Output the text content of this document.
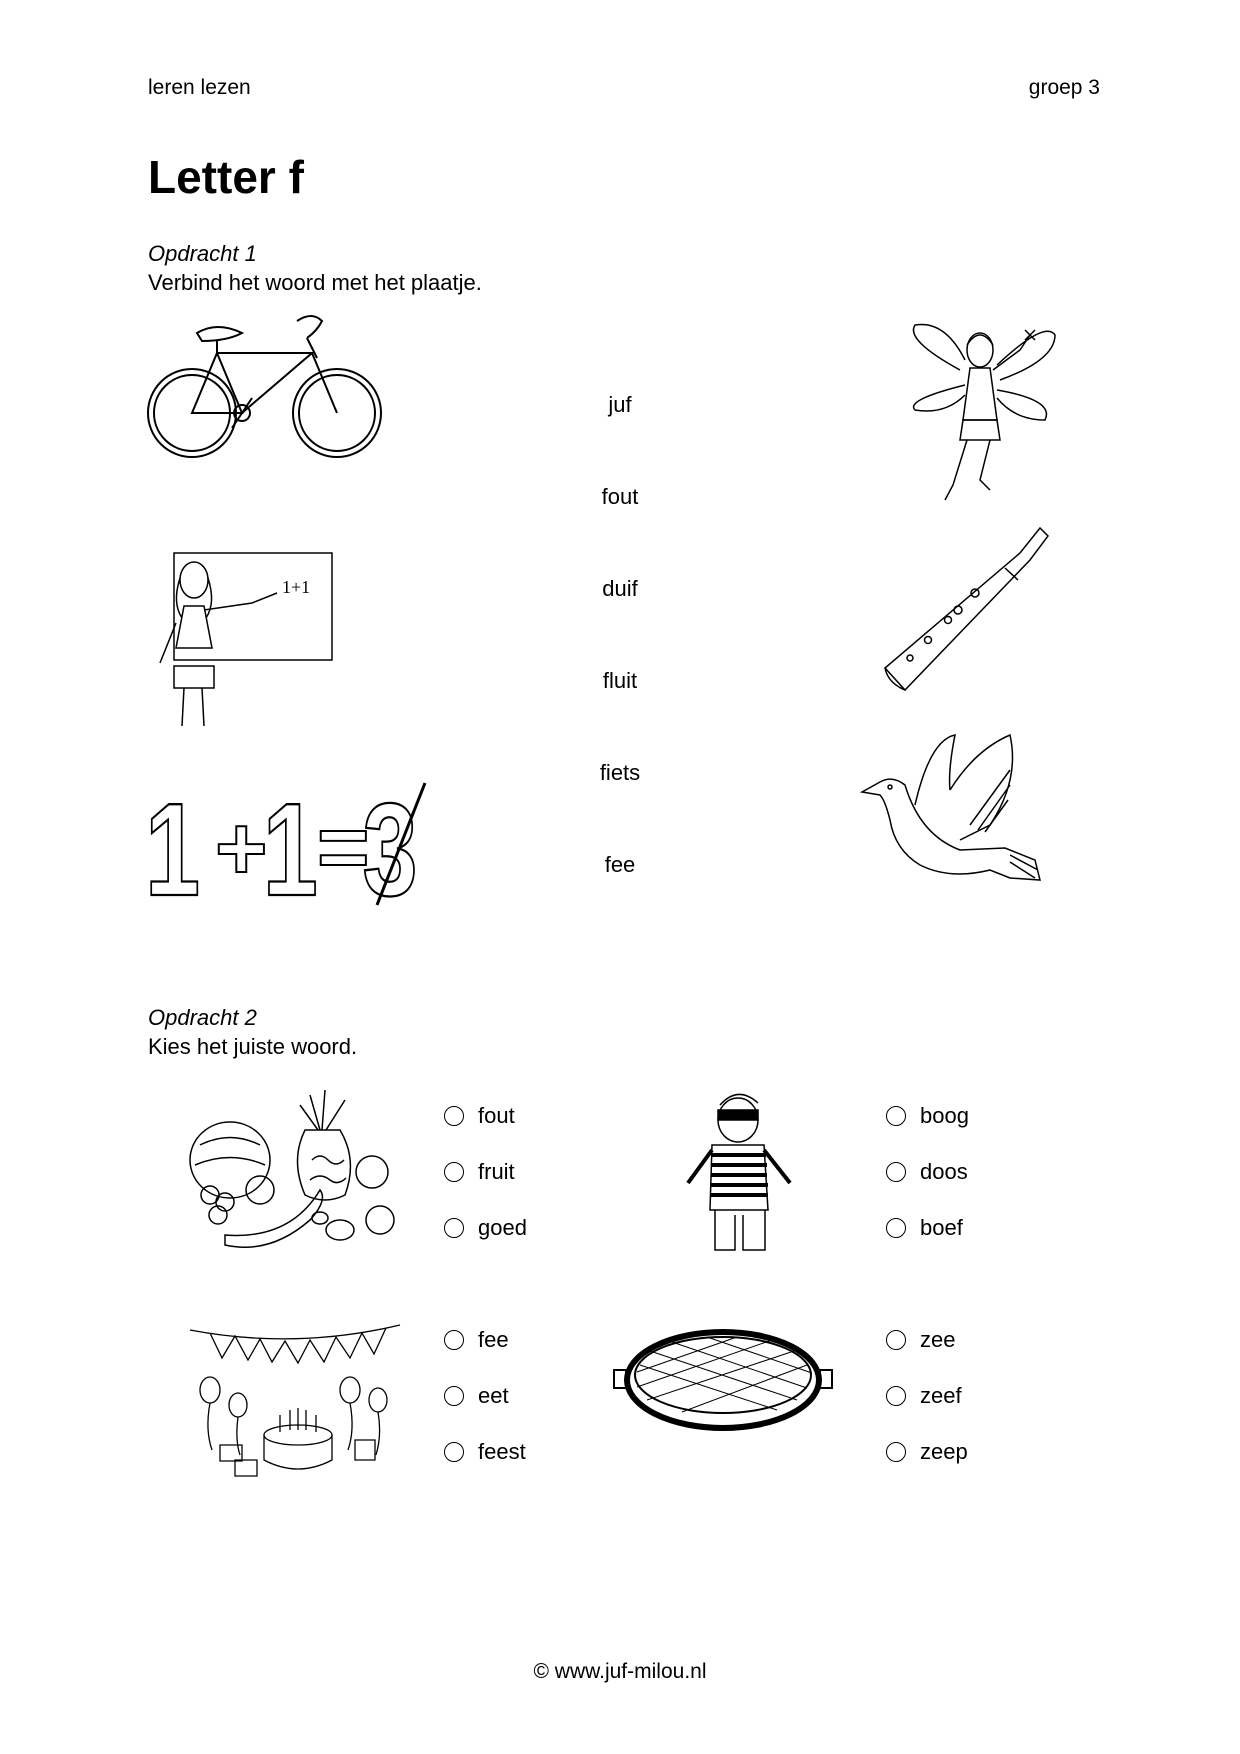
leren lezen	groep 3
Letter f
Opdracht 1
Verbind het woord met het plaatje.
1+1
1 +
1 =
3
juf
fout
duif
fluit
fiets
fee
Opdracht 2
Kies het juiste woord.
fout
fruit
goed
boog
doos
boef
fee
eet
feest
zee
zeef
zeep
© www.juf-milou.nl
